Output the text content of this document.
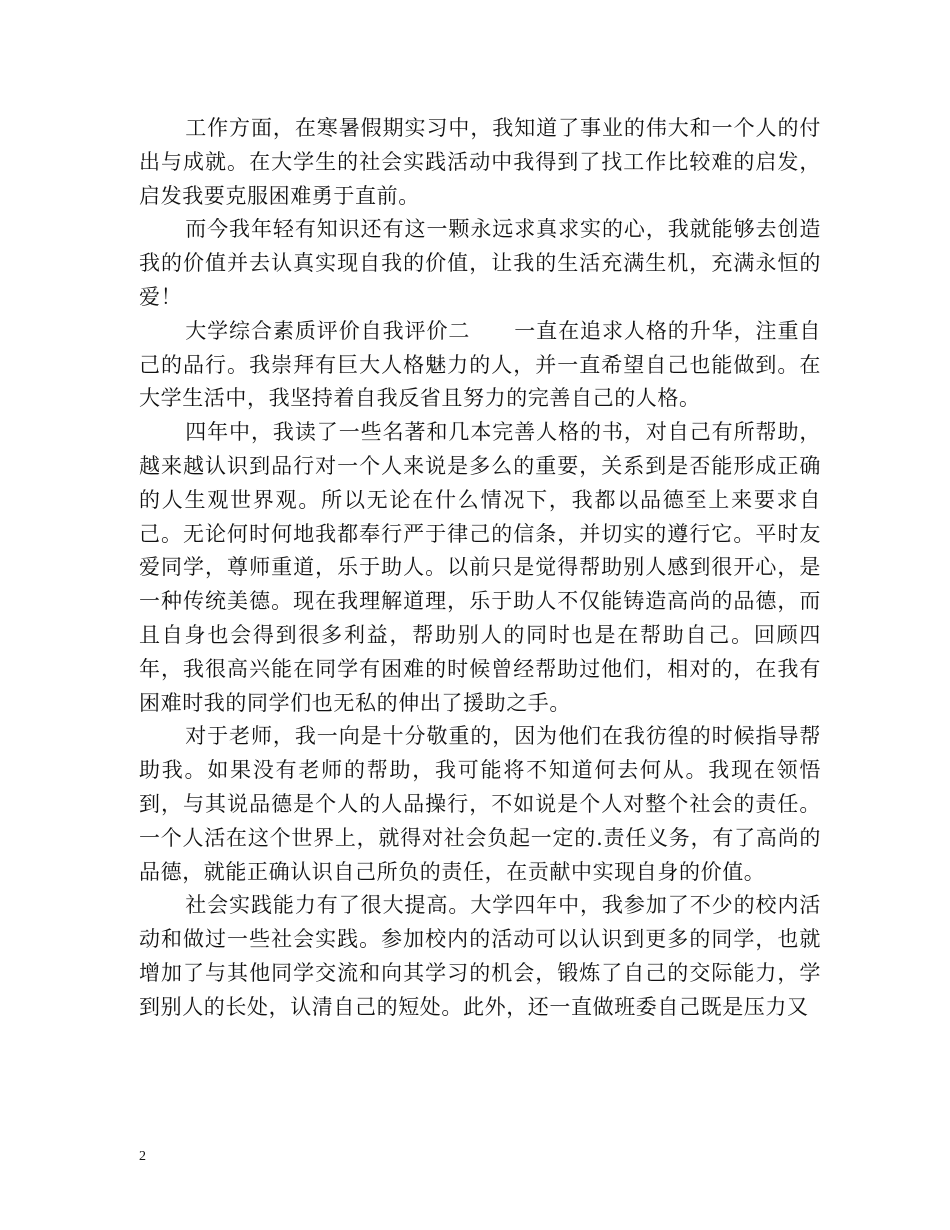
工作方面，在寒暑假期实习中，我知道了事业的伟大和一个人的付出与成就。在大学生的社会实践活动中我得到了找工作比较难的启发，启发我要克服困难勇于直前。

而今我年轻有知识还有这一颗永远求真求实的心，我就能够去创造我的价值并去认真实现自我的价值，让我的生活充满生机，充满永恒的爱！

大学综合素质评价自我评价二　　一直在追求人格的升华，注重自己的品行。我崇拜有巨大人格魅力的人，并一直希望自己也能做到。在大学生活中，我坚持着自我反省且努力的完善自己的人格。

四年中，我读了一些名著和几本完善人格的书，对自己有所帮助，越来越认识到品行对一个人来说是多么的重要，关系到是否能形成正确的人生观世界观。所以无论在什么情况下，我都以品德至上来要求自己。无论何时何地我都奉行严于律己的信条，并切实的遵行它。平时友爱同学，尊师重道，乐于助人。以前只是觉得帮助别人感到很开心，是一种传统美德。现在我理解道理，乐于助人不仅能铸造高尚的品德，而且自身也会得到很多利益，帮助别人的同时也是在帮助自己。回顾四年，我很高兴能在同学有困难的时候曾经帮助过他们，相对的，在我有困难时我的同学们也无私的伸出了援助之手。

对于老师，我一向是十分敬重的，因为他们在我彷徨的时候指导帮助我。如果没有老师的帮助，我可能将不知道何去何从。我现在领悟到，与其说品德是个人的人品操行，不如说是个人对整个社会的责任。一个人活在这个世界上，就得对社会负起一定的.责任义务，有了高尚的品德，就能正确认识自己所负的责任，在贡献中实现自身的价值。

社会实践能力有了很大提高。大学四年中，我参加了不少的校内活动和做过一些社会实践。参加校内的活动可以认识到更多的同学，也就增加了与其他同学交流和向其学习的机会，锻炼了自己的交际能力，学到别人的长处，认清自己的短处。此外，还一直做班委自己既是压力又

2
